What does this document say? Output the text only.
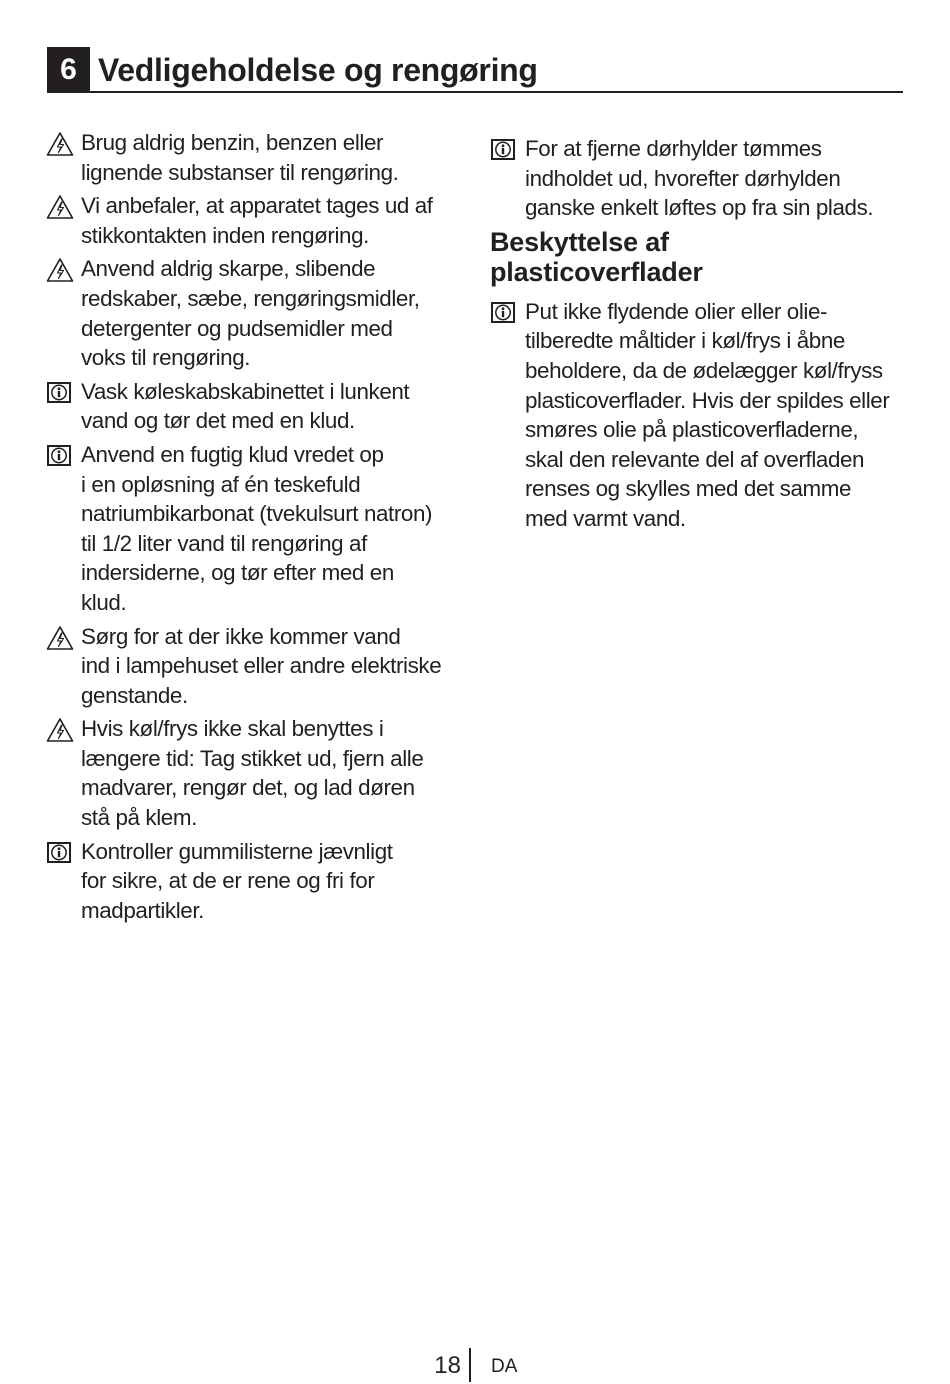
6 Vedligeholdelse og rengøring
Brug aldrig benzin, benzen eller
lignende substanser til rengøring.
Vi anbefaler, at apparatet tages ud af
stikkontakten inden rengøring.
Anvend aldrig skarpe, slibende
redskaber, sæbe, rengøringsmidler,
detergenter og pudsemidler med
voks til rengøring.
Vask køleskabskabinettet i lunkent
vand og tør det med en klud.
Anvend en fugtig klud vredet op
i en opløsning af én teskefuld
natriumbikarbonat (tvekulsurt natron)
til 1/2 liter vand til rengøring af
indersiderne, og tør efter med en
klud.
Sørg for at der ikke kommer vand
ind i lampehuset eller andre elektriske
genstande.
Hvis køl/frys ikke skal benyttes i
længere tid: Tag stikket ud, fjern alle
madvarer, rengør det, og lad døren
stå på klem.
Kontroller gummilisterne jævnligt
for sikre, at de er rene og fri for
madpartikler.
For at fjerne dørhylder tømmes
indholdet ud, hvorefter dørhylden
ganske enkelt løftes op fra sin plads.
Beskyttelse af
plasticoverflader
Put ikke flydende olier eller olie-
tilberedte måltider i køl/frys i åbne
beholdere, da de ødelægger køl/fryss
plasticoverflader. Hvis der spildes eller
smøres olie på plasticoverfladerne,
skal den relevante del af overfladen
renses og skylles med det samme
med varmt vand.
18 DA
